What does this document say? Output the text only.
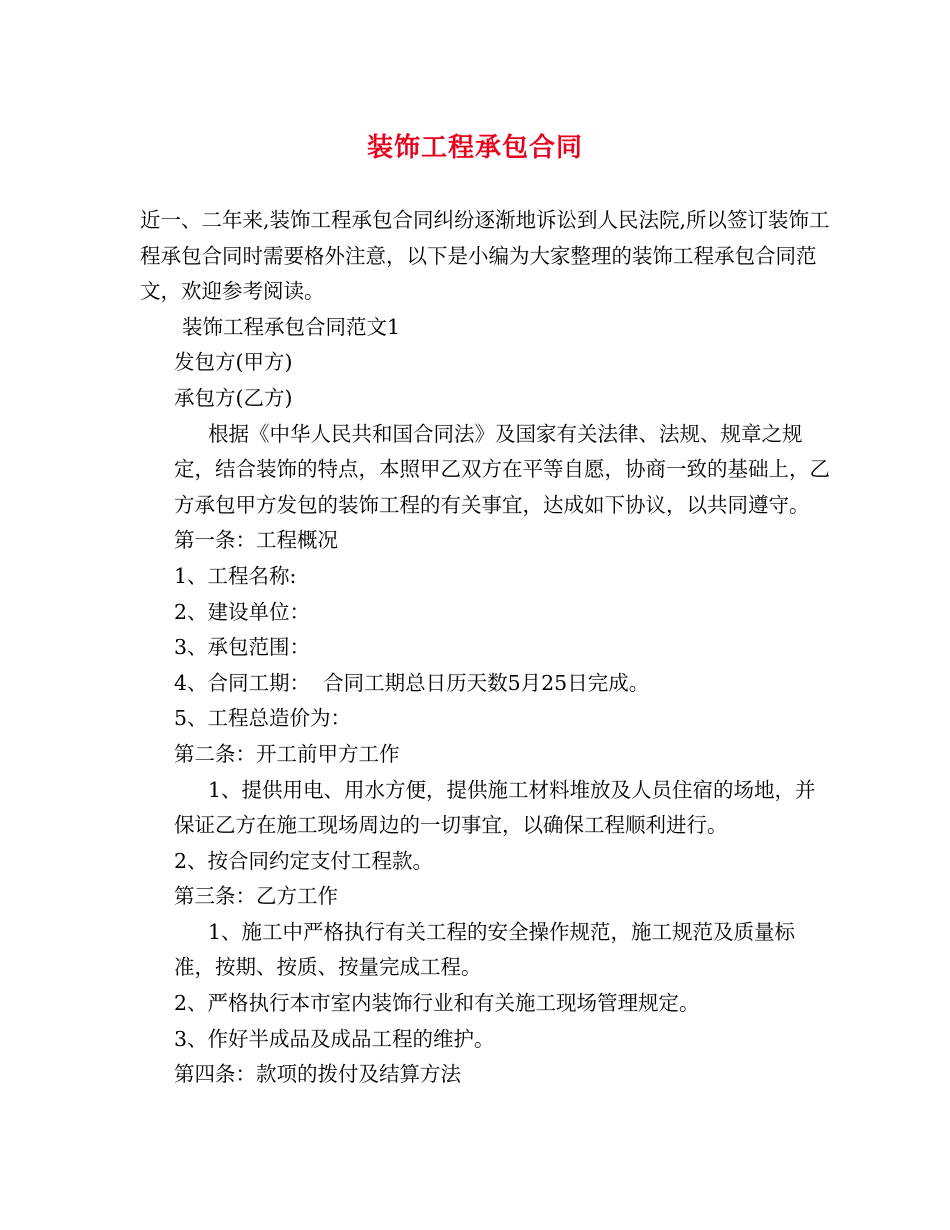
装饰工程承包合同

近一、二年来,装饰工程承包合同纠纷逐渐地诉讼到人民法院,所以签订装饰工程承包合同时需要格外注意，以下是小编为大家整理的装饰工程承包合同范文，欢迎参考阅读。

装饰工程承包合同范文1

发包方(甲方)

承包方(乙方)

根据《中华人民共和国合同法》及国家有关法律、法规、规章之规定，结合装饰的特点，本照甲乙双方在平等自愿，协商一致的基础上，乙方承包甲方发包的装饰工程的有关事宜，达成如下协议，以共同遵守。

第一条：工程概况

1、工程名称:

2、建设单位：

3、承包范围：

4、合同工期：  合同工期总日历天数5月25日完成。

5、工程总造价为：

第二条：开工前甲方工作

1、提供用电、用水方便，提供施工材料堆放及人员住宿的场地，并保证乙方在施工现场周边的一切事宜，以确保工程顺利进行。

2、按合同约定支付工程款。

第三条：乙方工作

1、施工中严格执行有关工程的安全操作规范，施工规范及质量标准，按期、按质、按量完成工程。

2、严格执行本市室内装饰行业和有关施工现场管理规定。

3、作好半成品及成品工程的维护。

第四条：款项的拨付及结算方法
